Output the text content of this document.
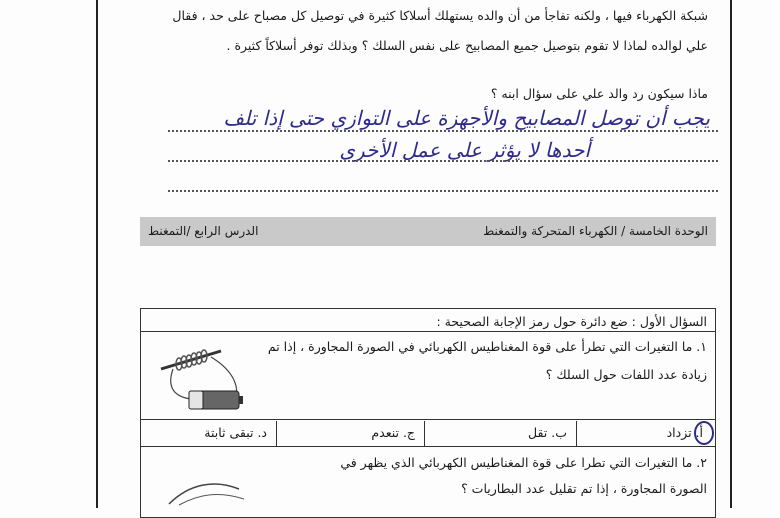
شبكة الكهرباء فيها ، ولكنه تفاجأ من أن والده يستهلك أسلاكا كثيرة في توصيل كل مصباح على حد ، فقال
علي لوالده لماذا لا تقوم بتوصيل جميع المصابيح على نفس السلك ؟ وبذلك توفر أسلاكاً كثيرة .
ماذا سيكون رد والد علي على سؤال ابنه ؟
يجب أن توصل المصابيح والأجهزة على التوازي حتى إذا تلف
أحدها لا يؤثر على عمل الأخرى
الوحدة الخامسة / الكهرباء المتحركة والتمغنط
الدرس الرابع /التمغنط
السؤال الأول : ضع دائرة حول رمز الإجابة الصحيحة :
١. ما التغيرات التي تطرأ على قوة المغناطيس الكهربائي في الصورة المجاورة ، إذا تم
زيادة عدد اللفات حول السلك ؟
أ. تزداد
ب. تقل
ج. تنعدم
د. تبقى ثابتة
٢. ما التغيرات التي تطرا على قوة المغناطيس الكهربائي الذي يظهر في
الصورة المجاورة ، إذا تم تقليل عدد البطاريات ؟
